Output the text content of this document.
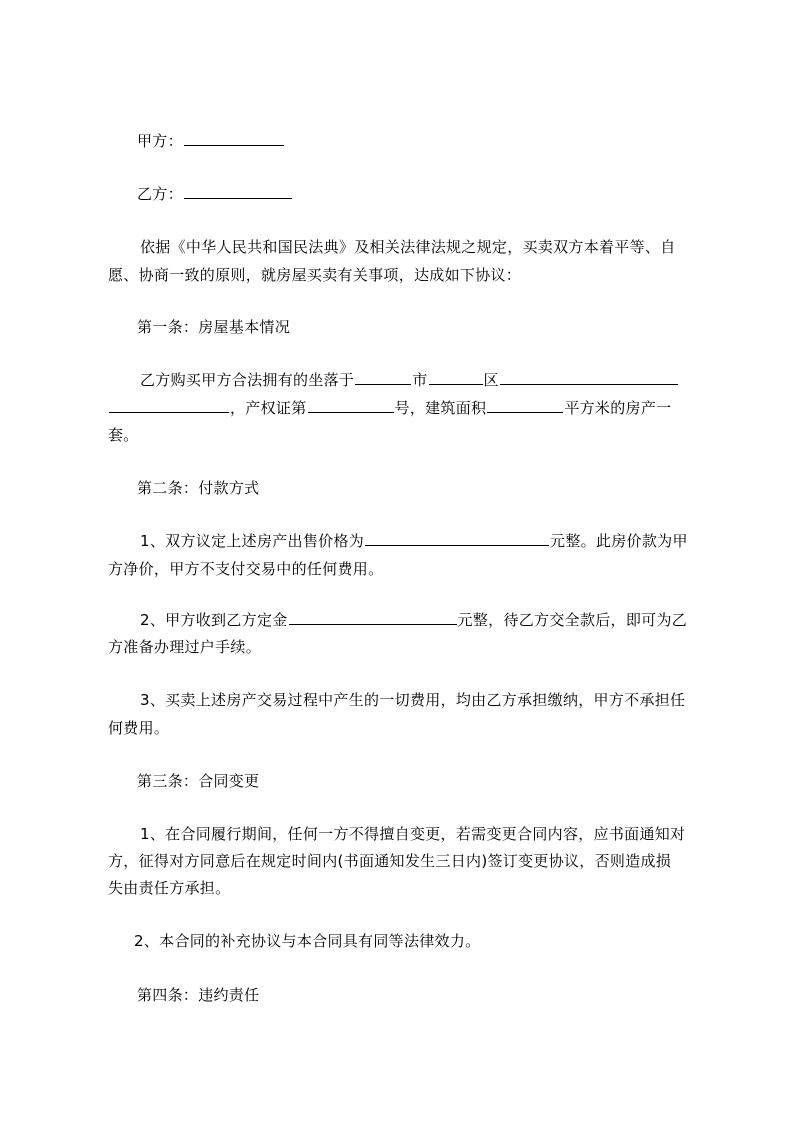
甲方：
乙方：
依据《中华人民共和国民法典》及相关法律法规之规定，买卖双方本着平等、自
愿、协商一致的原则，就房屋买卖有关事项，达成如下协议：
第一条：房屋基本情况
乙方购买甲方合法拥有的坐落于	市	区
，产权证第	号，建筑面积	平方米的房产一
套。
第二条：付款方式
1、双方议定上述房产出售价格为	元整。此房价款为甲
方净价，甲方不支付交易中的任何费用。
2、甲方收到乙方定金	元整，待乙方交全款后，即可为乙
方准备办理过户手续。
3、买卖上述房产交易过程中产生的一切费用，均由乙方承担缴纳，甲方不承担任
何费用。
第三条：合同变更
1、在合同履行期间，任何一方不得擅自变更，若需变更合同内容，应书面通知对
方，征得对方同意后在规定时间内(书面通知发生三日内)签订变更协议，否则造成损
失由责任方承担。
2、本合同的补充协议与本合同具有同等法律效力。
第四条：违约责任
